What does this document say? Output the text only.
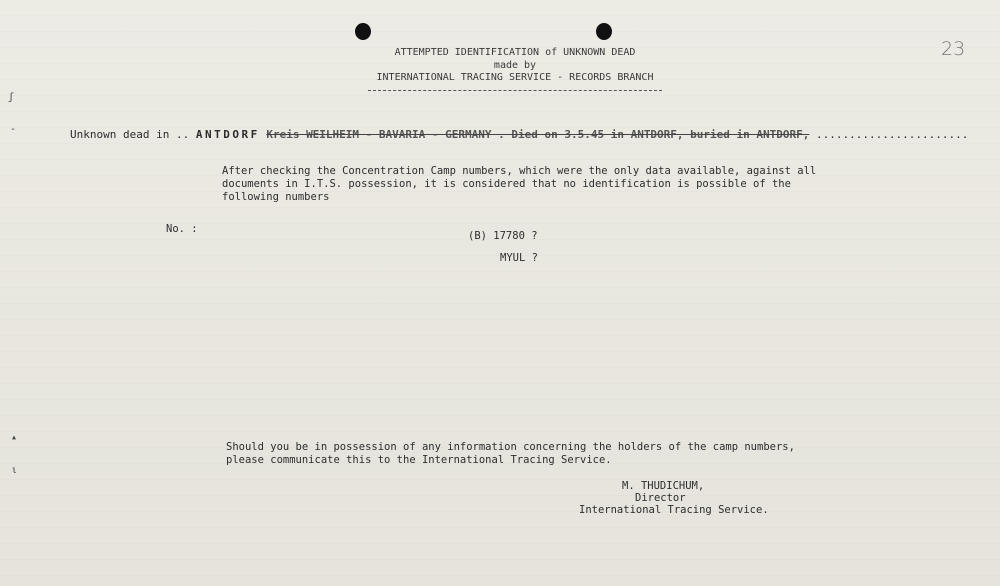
ʃ
-
▴
ι
23
ATTEMPTED IDENTIFICATION of UNKNOWN DEAD
made by
INTERNATIONAL TRACING SERVICE - RECORDS BRANCH
Unknown dead in .. ANTDORF Kreis WEILHEIM - BAVARIA - GERMANY . Died on 3.5.45 in ANTDORF, buried in ANTDORF, .......................
After checking the Concentration Camp numbers, which were the only data available, against all
documents in I.T.S. possession, it is considered that no identification is possible of the
following numbers
No. :
(B) 17780 ?
MYUL ?
Should you be in possession of any information concerning the holders of the camp numbers,
please communicate this to the International Tracing Service.
M. THUDICHUM,
Director
International Tracing Service.
